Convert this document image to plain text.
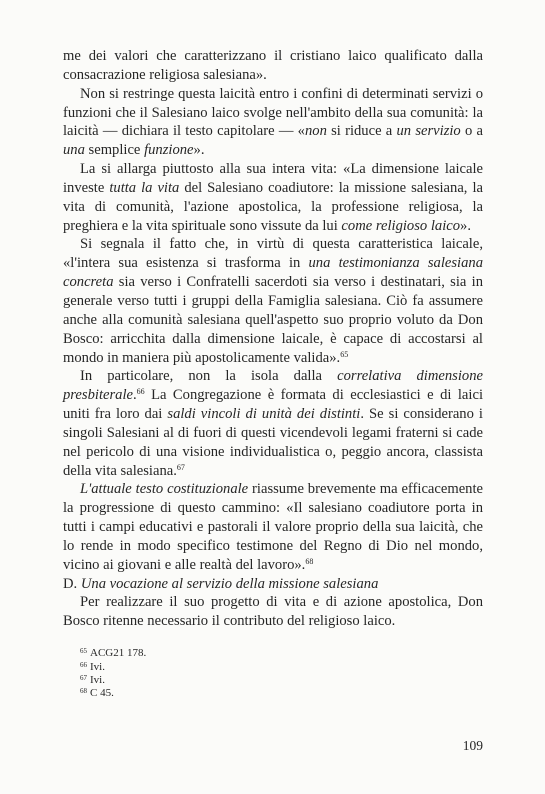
me dei valori che caratterizzano il cristiano laico qualificato dalla consacrazione religiosa salesiana».

Non si restringe questa laicità entro i confini di determinati servizi o funzioni che il Salesiano laico svolge nell'ambito della sua comunità: la laicità — dichiara il testo capitolare — «non si riduce a un servizio o a una semplice funzione».

La si allarga piuttosto alla sua intera vita: «La dimensione laicale investe tutta la vita del Salesiano coadiutore: la missione salesiana, la vita di comunità, l'azione apostolica, la professione religiosa, la preghiera e la vita spirituale sono vissute da lui come religioso laico».

Si segnala il fatto che, in virtù di questa caratteristica laicale, «l'intera sua esistenza si trasforma in una testimonianza salesiana concreta sia verso i Confratelli sacerdoti sia verso i destinatari, sia in generale verso tutti i gruppi della Famiglia salesiana. Ciò fa assumere anche alla comunità salesiana quell'aspetto suo proprio voluto da Don Bosco: arricchita dalla dimensione laicale, è capace di accostarsi al mondo in maniera più apostolicamente valida».$^{65}$

In particolare, non la isola dalla correlativa dimensione presbiterale.$^{66}$ La Congregazione è formata di ecclesiastici e di laici uniti fra loro dai saldi vincoli di unità dei distinti. Se si considerano i singoli Salesiani al di fuori di questi vicendevoli legami fraterni si cade nel pericolo di una visione individualistica o, peggio ancora, classista della vita salesiana.$^{67}$

L'attuale testo costituzionale riassume brevemente ma efficacemente la progressione di questo cammino: «Il salesiano coadiutore porta in tutti i campi educativi e pastorali il valore proprio della sua laicità, che lo rende in modo specifico testimone del Regno di Dio nel mondo, vicino ai giovani e alle realtà del lavoro».$^{68}$

D. Una vocazione al servizio della missione salesiana

Per realizzare il suo progetto di vita e di azione apostolica, Don Bosco ritenne necessario il contributo del religioso laico.

$^{65}$ ACG21 178.
$^{66}$ Ivi.
$^{67}$ Ivi.
$^{68}$ C 45.
109
